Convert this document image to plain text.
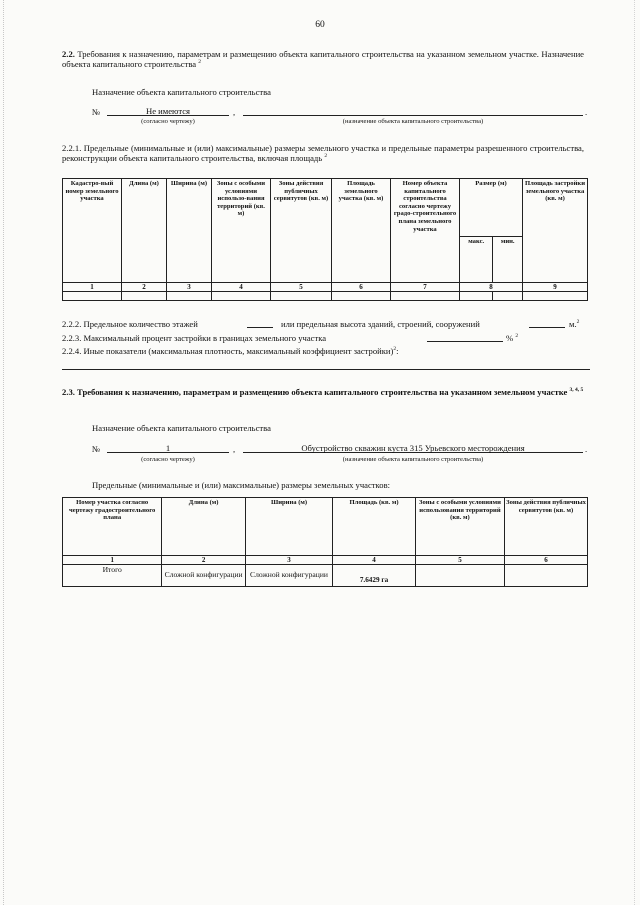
60
2.2. Требования к назначению, параметрам и размещению объекта капитального строительства на указанном земельном участке. Назначение объекта капитального строительства $^2$
Назначение объекта капитального строительства
№	Не имеются	,	.
(согласно чертежу)	(назначение объекта капитального строительства)
2.2.1. Предельные (минимальные и (или) максимальные) размеры земельного участка и предельные параметры разрешенного строительства, реконструкции объекта капитального строительства, включая площадь $^2$
Кадастро-вый номер земельного участка	Длина (м)	Ширина (м)	Зоны с особыми условиями использо-вания территорий (кв. м)	Зоны действия публичных сервитутов (кв. м)	Площадь земельного участка (кв. м)	Номер объекта капитального строительства согласно чертежу градо-строительного плана земельного участка	Размер (м)		Площадь застройки земельного участка (кв. м)
							макс.	мин.	
1	2	3	4	5	6	7	8		9

2.2.2. Предельное количество этажей	или предельная высота зданий, строений, сооружений	м.$^2$
2.2.3. Максимальный процент застройки в границах земельного участка	% $^2$
2.2.4. Иные показатели (максимальная плотность, максимальный коэффициент застройки)$^2$:
2.3. Требования к назначению, параметрам и размещению объекта капитального строительства на указанном земельном участке $^{3, 4, 5}$
Назначение объекта капитального строительства
№	1	,	Обустройство скважин куста 315 Урьевского месторождения	.
(согласно чертежу)	(назначение объекта капитального строительства)
Предельные (минимальные и (или) максимальные) размеры земельных участков:
Номер участка согласно чертежу градостроительного плана	Длина (м)	Ширина (м)	Площадь (кв. м)	Зоны с особыми условиями использования территорий (кв. м)	Зоны действия публичных сервитутов (кв. м)
1	2	3	4	5	6
Итого	Сложной конфигурации	Сложной конфигурации	7.6429 га		
